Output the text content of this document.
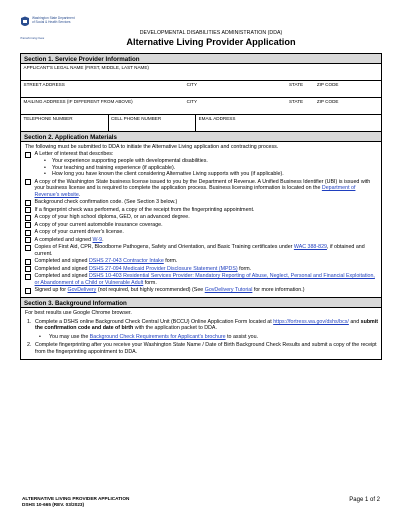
Washington State Department of Social & Health Services
Transforming lives
DEVELOPMENTAL DISABILITIES ADMINISTRATION (DDA)
Alternative Living Provider Application
Section 1. Service Provider Information
APPLICANT'S LEGAL NAME (FIRST, MIDDLE, LAST NAME)
STREET ADDRESS	CITY	STATE	ZIP CODE
MAILING ADDRESS (IF DIFFERENT FROM ABOVE)	CITY	STATE	ZIP CODE
TELEPHONE NUMBER	CELL PHONE NUMBER	EMAIL ADDRESS
Section 2. Application Materials
The following must be submitted to DDA to initiate the Alternative Living application and contracting process.
A Letter of interest that describes:
•	Your experience supporting people with developmental disabilities.
•	Your teaching and training experience (if applicable).
•	How long you have known the client considering Alternative Living supports with you (if applicable).
A copy of the Washington State business license issued to you by the Department of Revenue. A Unified Business Identifier (UBI) is issued with your business license and is required to complete the application process. Business licensing information is located on the Department of Revenue's website.
Background check confirmation code. (See Section 3 below.)
If a fingerprint check was performed, a copy of the receipt from the fingerprinting appointment.
A copy of your high school diploma, GED, or an advanced degree.
A copy of your current automobile insurance coverage.
A copy of your current driver's license.
A completed and signed W-9.
Copies of First Aid, CPR, Bloodborne Pathogens, Safety and Orientation, and Basic Training certificates under WAC 388-829, if obtained and current.
Completed and signed DSHS 27-043 Contractor Intake form.
Completed and signed DSHS 27-094 Medicaid Provider Disclosure Statement (MPDS) form.
Completed and signed DSHS 10-403 Residential Services Provider: Mandatory Reporting of Abuse, Neglect, Personal and Financial Exploitation, or Abandonment of a Child or Vulnerable Adult form.
Signed up for GovDelivery (not required, but highly recommended) (See GovDelivery Tutorial for more information.)
Section 3. Background Information
For best results use Google Chrome browser.
1. Complete a DSHS online Background Check Central Unit (BCCU) Online Application Form located at https://fortress.wa.gov/dshs/bcs/ and submit the confirmation code and date of birth with the application packet to DDA.
•	You may use the Background Check Requirements for Applicant's brochure to assist you.
2. Complete fingerprinting after you receive your Washington State Name / Date of Birth Background Check Results and submit a copy of the receipt from the fingerprinting appointment to DDA.
ALTERNATIVE LIVING PROVIDER APPLICATION
DSHS 10-665 (REV. 03/2023)
Page 1 of 2
